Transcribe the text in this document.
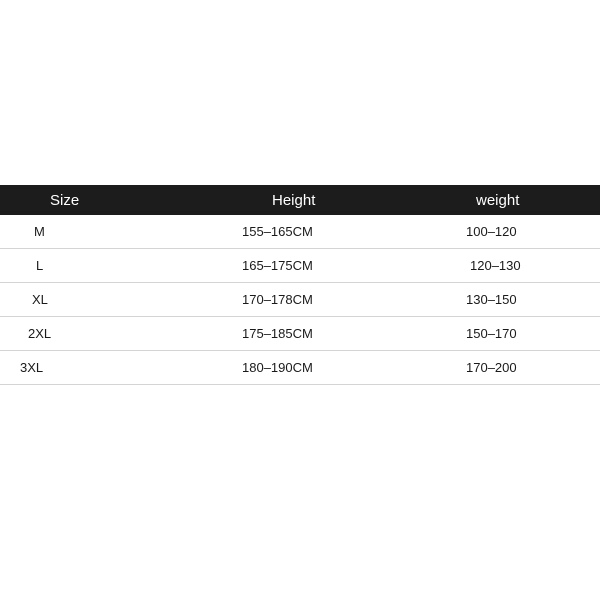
Size	Height	weight
M	155–165CM	100–120
L	165–175CM	120–130
XL	170–178CM	130–150
2XL	175–185CM	150–170
3XL	180–190CM	170–200
